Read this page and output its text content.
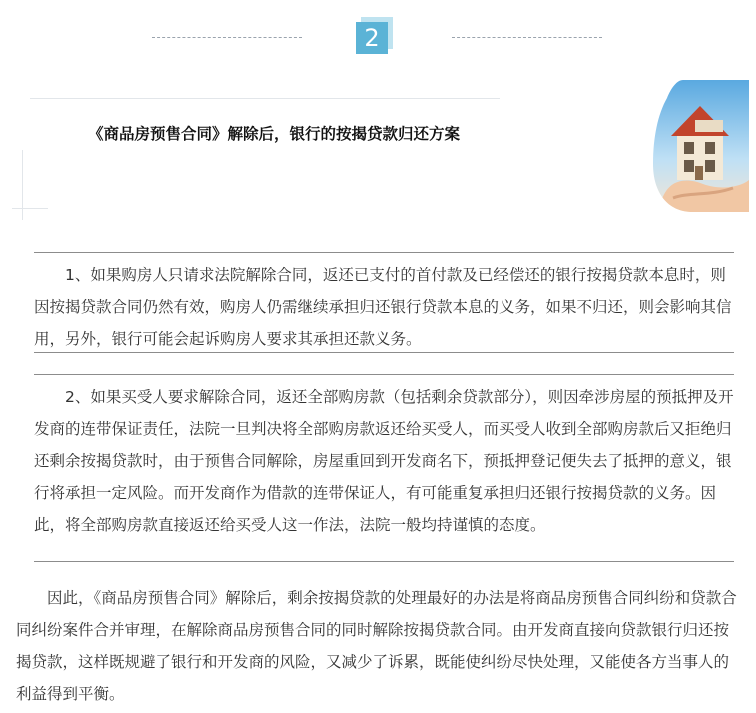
2
《商品房预售合同》解除后，银行的按揭贷款归还方案

1、如果购房人只请求法院解除合同，返还已支付的首付款及已经偿还的银行按揭贷款本息时，则因按揭贷款合同仍然有效，购房人仍需继续承担归还银行贷款本息的义务，如果不归还，则会影响其信用，另外，银行可能会起诉购房人要求其承担还款义务。

2、如果买受人要求解除合同，返还全部购房款（包括剩余贷款部分），则因牵涉房屋的预抵押及开发商的连带保证责任，法院一旦判决将全部购房款返还给买受人，而买受人收到全部购房款后又拒绝归还剩余按揭贷款时，由于预售合同解除，房屋重回到开发商名下，预抵押登记便失去了抵押的意义，银行将承担一定风险。而开发商作为借款的连带保证人，有可能重复承担归还银行按揭贷款的义务。因此，将全部购房款直接返还给买受人这一作法，法院一般均持谨慎的态度。

因此，《商品房预售合同》解除后，剩余按揭贷款的处理最好的办法是将商品房预售合同纠纷和贷款合同纠纷案件合并审理，在解除商品房预售合同的同时解除按揭贷款合同。由开发商直接向贷款银行归还按揭贷款，这样既规避了银行和开发商的风险，又减少了诉累，既能使纠纷尽快处理，又能使各方当事人的利益得到平衡。
